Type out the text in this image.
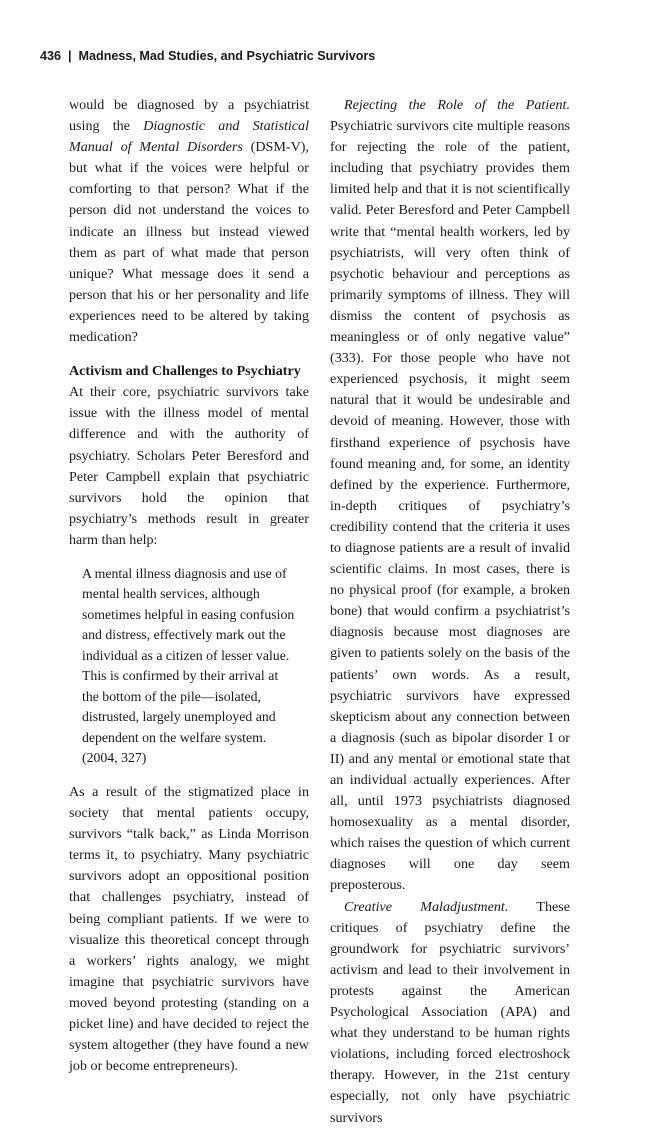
436 | Madness, Mad Studies, and Psychiatric Survivors

would be diagnosed by a psychiatrist using the Diagnostic and Statistical Manual of Mental Disorders (DSM-V), but what if the voices were helpful or comforting to that person? What if the person did not understand the voices to indicate an illness but instead viewed them as part of what made that person unique? What message does it send a person that his or her personality and life experiences need to be altered by taking medication?

Activism and Challenges to Psychiatry

At their core, psychiatric survivors take issue with the illness model of mental difference and with the authority of psychiatry. Scholars Peter Beresford and Peter Campbell explain that psychiatric survivors hold the opinion that psychiatry’s methods result in greater harm than help:

A mental illness diagnosis and use of mental health services, although sometimes helpful in easing confusion and distress, effectively mark out the individual as a citizen of lesser value. This is confirmed by their arrival at the bottom of the pile—isolated, distrusted, largely unemployed and dependent on the welfare system. (2004, 327)

As a result of the stigmatized place in society that mental patients occupy, survivors “talk back,” as Linda Morrison terms it, to psychiatry. Many psychiatric survivors adopt an oppositional position that challenges psychiatry, instead of being compliant patients. If we were to visualize this theoretical concept through a workers’ rights analogy, we might imagine that psychiatric survivors have moved beyond protesting (standing on a picket line) and have decided to reject the system altogether (they have found a new job or become entrepreneurs).

Rejecting the Role of the Patient. Psychiatric survivors cite multiple reasons for rejecting the role of the patient, including that psychiatry provides them limited help and that it is not scientifically valid. Peter Beresford and Peter Campbell write that “mental health workers, led by psychiatrists, will very often think of psychotic behaviour and perceptions as primarily symptoms of illness. They will dismiss the content of psychosis as meaningless or of only negative value” (333). For those people who have not experienced psychosis, it might seem natural that it would be undesirable and devoid of meaning. However, those with firsthand experience of psychosis have found meaning and, for some, an identity defined by the experience. Furthermore, in-depth critiques of psychiatry’s credibility contend that the criteria it uses to diagnose patients are a result of invalid scientific claims. In most cases, there is no physical proof (for example, a broken bone) that would confirm a psychiatrist’s diagnosis because most diagnoses are given to patients solely on the basis of the patients’ own words. As a result, psychiatric survivors have expressed skepticism about any connection between a diagnosis (such as bipolar disorder I or II) and any mental or emotional state that an individual actually experiences. After all, until 1973 psychiatrists diagnosed homosexuality as a mental disorder, which raises the question of which current diagnoses will one day seem preposterous.

Creative Maladjustment. These critiques of psychiatry define the groundwork for psychiatric survivors’ activism and lead to their involvement in protests against the American Psychological Association (APA) and what they understand to be human rights violations, including forced electroshock therapy. However, in the 21st century especially, not only have psychiatric survivors
